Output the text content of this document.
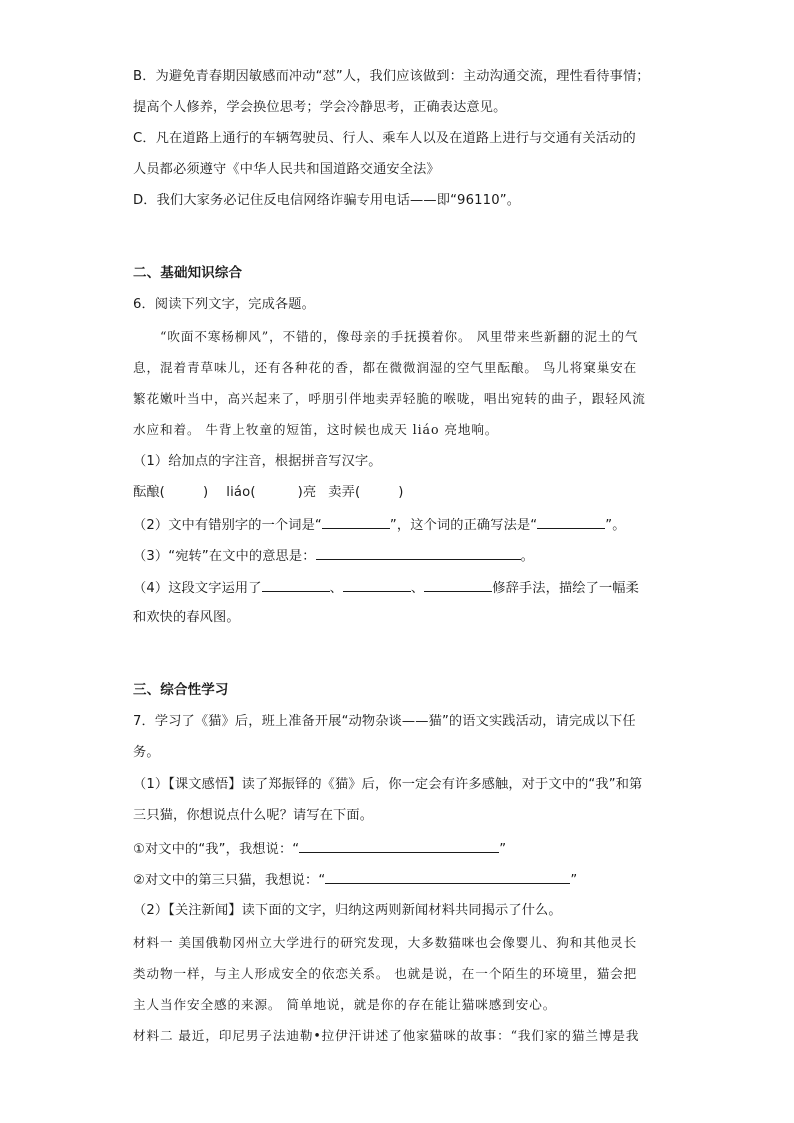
B．为避免青春期因敏感而冲动“怼”人，我们应该做到：主动沟通交流，理性看待事情；
提高个人修养，学会换位思考；学会冷静思考，正确表达意见。
C．凡在道路上通行的车辆驾驶员、行人、乘车人以及在道路上进行与交通有关活动的
人员都必须遵守《中华人民共和国道路交通安全法》
D．我们大家务必记住反电信网络诈骗专用电话——即“96110”。
二、基础知识综合
6．阅读下列文字，完成各题。
“吹面不寒杨柳风”，不错的，像母亲的手抚摸着你。 风里带来些新翻的泥土的气
息，混着青草味儿，还有各种花的香，都在微微润湿的空气里酝酿。 鸟儿将窠巢安在
繁花嫩叶当中，高兴起来了，呼朋引伴地卖弄轻脆的喉咙，唱出宛转的曲子，跟轻风流
水应和着。 牛背上牧童的短笛，这时候也成天 liáo 亮地响。
（1）给加点的字注音，根据拼音写汉字。
酝酿(	) liáo(	)亮 卖弄(	)
（2）文中有错别字的一个词是“	”，这个词的正确写法是“	”。
（3）“宛转”在文中的意思是：	。
（4）这段文字运用了	、	、	修辞手法，描绘了一幅柔
和欢快的春风图。
三、综合性学习
7．学习了《猫》后，班上准备开展“动物杂谈——猫”的语文实践活动，请完成以下任
务。
（1）【课文感悟】读了郑振铎的《猫》后，你一定会有许多感触，对于文中的“我”和第
三只猫，你想说点什么呢？请写在下面。
①对文中的“我”，我想说：“	”
②对文中的第三只猫，我想说：“	”
（2）【关注新闻】读下面的文字，归纳这两则新闻材料共同揭示了什么。
材料一 美国俄勒冈州立大学进行的研究发现，大多数猫咪也会像婴儿、狗和其他灵长
类动物一样，与主人形成安全的依恋关系。 也就是说，在一个陌生的环境里，猫会把
主人当作安全感的来源。 简单地说，就是你的存在能让猫咪感到安心。
材料二 最近，印尼男子法迪勒•拉伊汗讲述了他家猫咪的故事：“我们家的猫兰博是我
